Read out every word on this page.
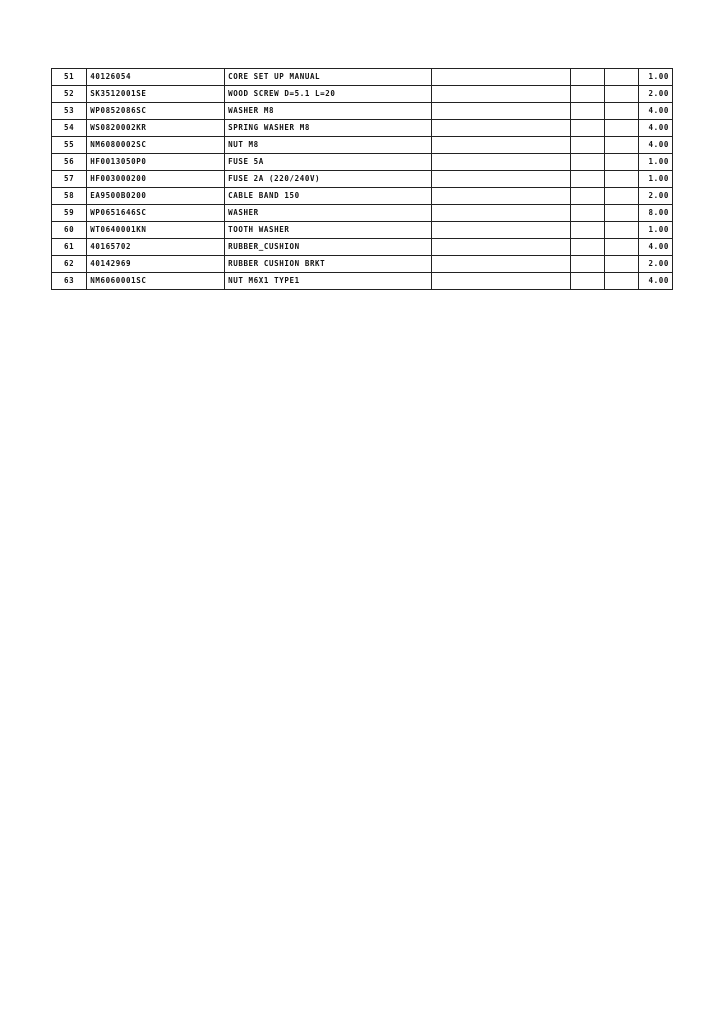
51	40126054	CORE SET UP MANUAL				1.00
52	SK3512001SE	WOOD SCREW D=5.1 L=20				2.00
53	WP0852086SC	WASHER M8				4.00
54	WS0820002KR	SPRING WASHER M8				4.00
55	NM6080002SC	NUT M8				4.00
56	HF0013050P0	FUSE 5A				1.00
57	HF003000200	FUSE 2A (220/240V)				1.00
58	EA9500B0200	CABLE BAND 150				2.00
59	WP0651646SC	WASHER				8.00
60	WT0640001KN	TOOTH WASHER				1.00
61	40165702	RUBBER_CUSHION				4.00
62	40142969	RUBBER CUSHION BRKT				2.00
63	NM6060001SC	NUT M6X1 TYPE1				4.00
